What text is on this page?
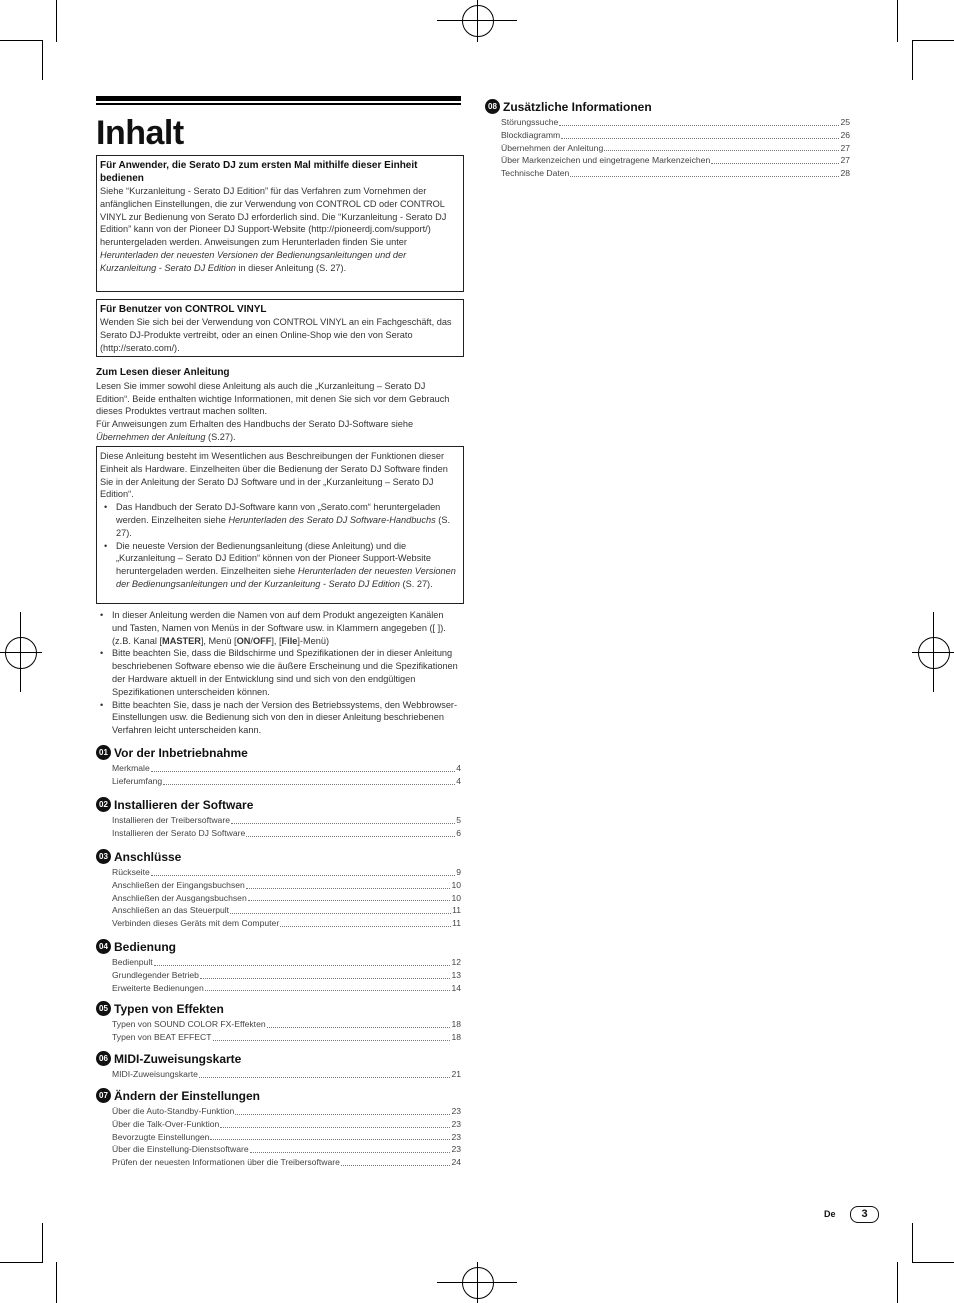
Inhalt
Für Anwender, die Serato DJ zum ersten Mal mithilfe dieser Einheit bedienen
Siehe “Kurzanleitung - Serato DJ Edition” für das Verfahren zum Vornehmen der anfänglichen Einstellungen, die zur Verwendung von CONTROL CD oder CONTROL VINYL zur Bedienung von Serato DJ erforderlich sind. Die “Kurzanleitung - Serato DJ Edition” kann von der Pioneer DJ Support-Website (http://pioneerdj.com/support/) heruntergeladen werden. Anweisungen zum Herunterladen finden Sie unter Herunterladen der neuesten Versionen der Bedienungsanleitungen und der Kurzanleitung - Serato DJ Edition in dieser Anleitung (S. 27).
Für Benutzer von CONTROL VINYL
Wenden Sie sich bei der Verwendung von CONTROL VINYL an ein Fachgeschäft, das Serato DJ-Produkte vertreibt, oder an einen Online-Shop wie den von Serato (http://serato.com/).
Zum Lesen dieser Anleitung
Lesen Sie immer sowohl diese Anleitung als auch die „Kurzanleitung – Serato DJ Edition“. Beide enthalten wichtige Informationen, mit denen Sie sich vor dem Gebrauch dieses Produktes vertraut machen sollten.
Für Anweisungen zum Erhalten des Handbuchs der Serato DJ-Software siehe Übernehmen der Anleitung (S.27).
Diese Anleitung besteht im Wesentlichen aus Beschreibungen der Funktionen dieser Einheit als Hardware. Einzelheiten über die Bedienung der Serato DJ Software finden Sie in der Anleitung der Serato DJ Software und in der „Kurzanleitung – Serato DJ Edition“.
• Das Handbuch der Serato DJ-Software kann von „Serato.com“ heruntergeladen werden. Einzelheiten siehe Herunterladen des Serato DJ Software-Handbuchs (S. 27).
• Die neueste Version der Bedienungsanleitung (diese Anleitung) und die „Kurzanleitung – Serato DJ Edition“ können von der Pioneer Support-Website heruntergeladen werden. Einzelheiten siehe Herunterladen der neuesten Versionen der Bedienungsanleitungen und der Kurzanleitung - Serato DJ Edition (S. 27).
• In dieser Anleitung werden die Namen von auf dem Produkt angezeigten Kanälen und Tasten, Namen von Menüs in der Software usw. in Klammern angegeben ([ ]). (z.B. Kanal [MASTER], Menü [ON/OFF], [File]-Menü)
• Bitte beachten Sie, dass die Bildschirme und Spezifikationen der in dieser Anleitung beschriebenen Software ebenso wie die äußere Erscheinung und die Spezifikationen der Hardware aktuell in der Entwicklung sind und sich von den endgültigen Spezifikationen unterscheiden können.
• Bitte beachten Sie, dass je nach der Version des Betriebssystems, den Webbrowser-Einstellungen usw. die Bedienung sich von den in dieser Anleitung beschriebenen Verfahren leicht unterscheiden kann.
01 Vor der Inbetriebnahme
Merkmale	4
Lieferumfang	4
02 Installieren der Software
Installieren der Treibersoftware	5
Installieren der Serato DJ Software	6
03 Anschlüsse
Rückseite	9
Anschließen der Eingangsbuchsen	10
Anschließen der Ausgangsbuchsen	10
Anschließen an das Steuerpult	11
Verbinden dieses Geräts mit dem Computer	11
04 Bedienung
Bedienpult	12
Grundlegender Betrieb	13
Erweiterte Bedienungen	14
05 Typen von Effekten
Typen von SOUND COLOR FX-Effekten	18
Typen von BEAT EFFECT	18
06 MIDI-Zuweisungskarte
MIDI-Zuweisungskarte	21
07 Ändern der Einstellungen
Über die Auto-Standby-Funktion	23
Über die Talk-Over-Funktion	23
Bevorzugte Einstellungen	23
Über die Einstellung-Dienstsoftware	23
Prüfen der neuesten Informationen über die Treibersoftware	24
08 Zusätzliche Informationen
Störungssuche	25
Blockdiagramm	26
Übernehmen der Anleitung	27
Über Markenzeichen und eingetragene Markenzeichen	27
Technische Daten	28
De	3
